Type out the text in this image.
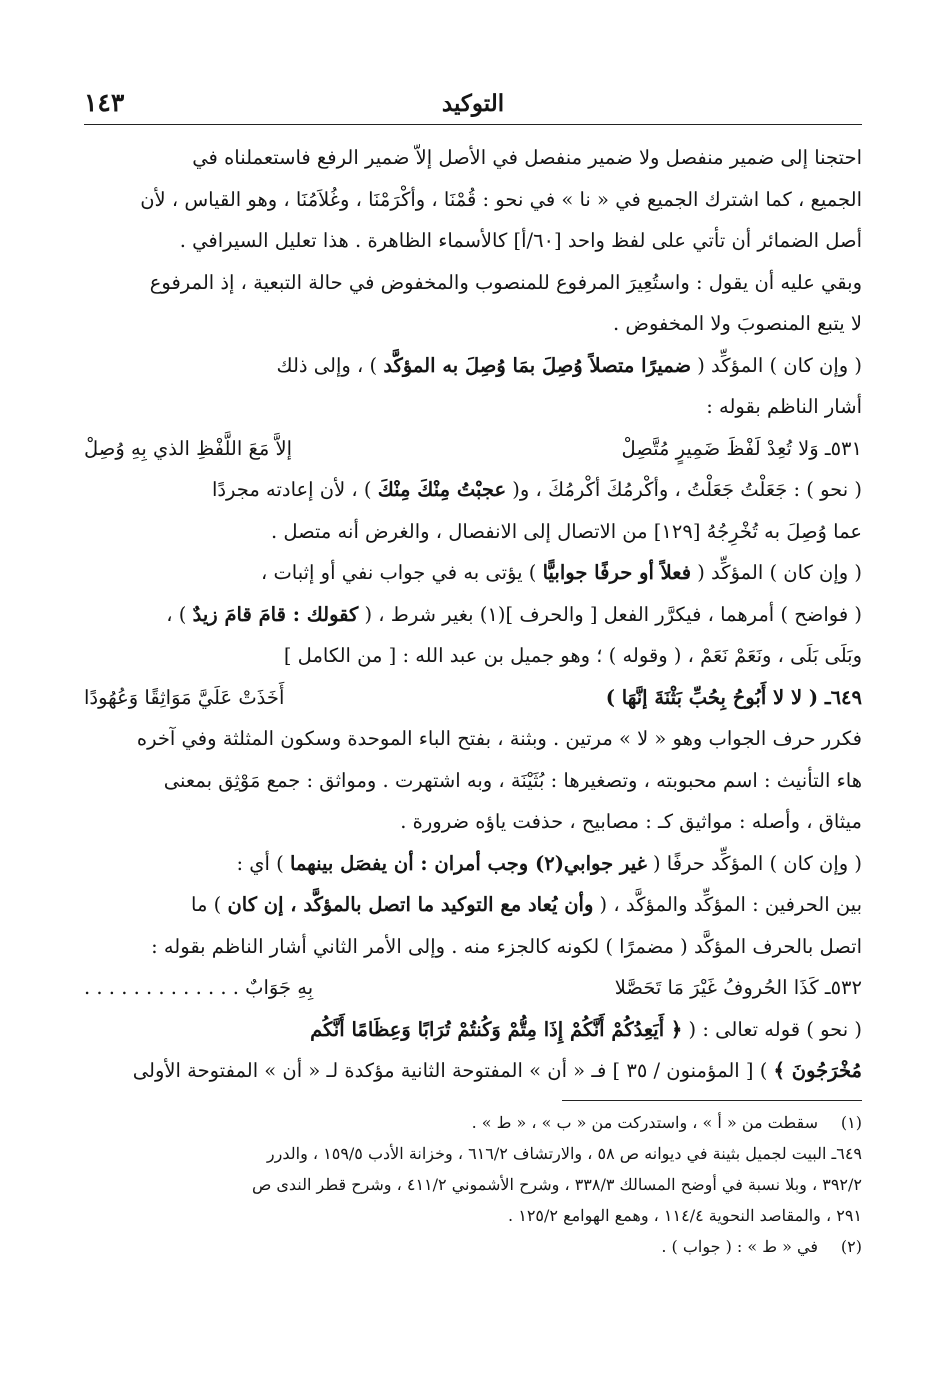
التوكيد
١٤٣

احتجنا إلى ضمير منفصل ولا ضمير منفصل في الأصل إلاّ ضمير الرفع فاستعملناه في

الجميع ، كما اشترك الجميع في « نا » في نحو : قُمْنَا ، وأكْرَمْنَا ، وغُلاَمُنَا ، وهو القياس ، لأن

أصل الضمائر أن تأتي على لفظ واحد [٦٠/أ] كالأسماء الظاهرة . هذا تعليل السيرافي .

وبقي عليه أن يقول : واستُعِيرَ المرفوع للمنصوب والمخفوض في حالة التبعية ، إذ المرفوع

لا يتبع المنصوبَ ولا المخفوض .

( وإن كان ) المؤكِّد ( ضميرًا متصلاً وُصِلَ بمَا وُصِلَ به المؤكَّد ) ، وإلى ذلك

أشار الناظم بقوله :

٥٣١ـ وَلا تُعِدْ لَفْظَ ضَمِيرٍ مُتَّصِلْ
إلاَّ مَعَ اللَّفْظِ الذي بِهِ وُصِلْ

( نحو ) : جَعَلْتُ جَعَلْتُ ، وأكْرمُكَ أكْرمُكَ ، و( عجبْتُ مِنْكَ مِنْكَ ) ، لأن إعادته مجردًا

عما وُصِلَ به تُخْرِجُهُ [١٢٩] من الاتصال إلى الانفصال ، والغرض أنه متصل .

( وإن كان ) المؤكِّد ( فعلاً أو حرفًا جوابيًّا ) يؤتى به في جواب نفي أو إثبات ،

( فواضح ) أمرهما ، فيكرَّر الفعل [ والحرف ](١) بغير شرط ، ( كقولك : قامَ قامَ زيدٌ ) ،

وبَلَى بَلَى ، ونَعَمْ نَعَمْ ، ( وقوله ) ؛ وهو جميل بن عبد الله : [ من الكامل ]

٦٤٩ـ ( لا لا أَبُوحُ بِحُبِّ بَثْنَةَ إنَّهَا )
أَخَذَتْ عَلَيَّ مَوَاثِقًا وَعُهُودًا

فكرر حرف الجواب وهو « لا » مرتين . وبثنة ، بفتح الباء الموحدة وسكون المثلثة وفي آخره

هاء التأنيث : اسم محبوبته ، وتصغيرها : بُثَيْنَة ، وبه اشتهرت . ومواثق : جمع مَوْثِق بمعنى

ميثاق ، وأصله : مواثيق كـ : مصابيح ، حذفت ياؤه ضرورة .

( وإن كان ) المؤكِّد حرفًا ( غير جوابي(٢) وجب أمران : أن يفصَل بينهما ) أي :

بين الحرفين : المؤكِّد والمؤكَّد ، ( وأن يُعاد مع التوكيد ما اتصل بالمؤكَّد ، إن كان ) ما

اتصل بالحرف المؤكَّد ( مضمرًا ) لكونه كالجزء منه . وإلى الأمر الثاني أشار الناظم بقوله :

٥٣٢ـ كَذَا الحُروفُ غَيْرَ مَا تَحَصَّلا
بِهِ جَوَابٌ . . . . . . . . . . . . .

( نحو ) قوله تعالى : ( ﴿ أَيَعِدُكُمْ أَنَّكُمْ إِذَا مِتُّمْ وَكُنتُمْ تُرَابًا وَعِظَامًا أَنَّكُم

مُخْرَجُونَ ﴾ ) [ المؤمنون / ٣٥ ] فـ « أن » المفتوحة الثانية مؤكدة لـ « أن » المفتوحة الأولى

(١)سقطت من « أ » ، واستدركت من « ب » ، « ط » .

٦٤٩ـ البيت لجميل بثينة في ديوانه ص ٥٨ ، والارتشاف ٦١٦/٢ ، وخزانة الأدب ١٥٩/٥ ، والدرر

٣٩٢/٢ ، وبلا نسبة في أوضح المسالك ٣٣٨/٣ ، وشرح الأشموني ٤١١/٢ ، وشرح قطر الندى ص

٢٩١ ، والمقاصد النحوية ١١٤/٤ ، وهمع الهوامع ١٢٥/٢ .

(٢)في « ط » : ( جواب ) .
